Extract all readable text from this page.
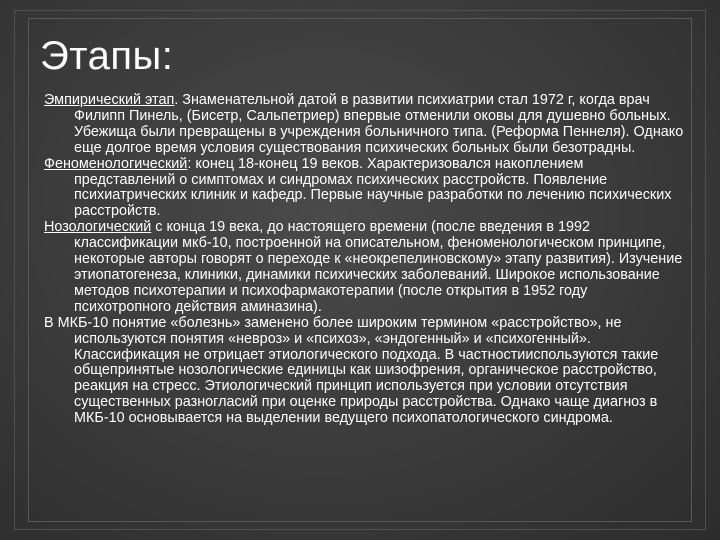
Этапы:

Эмпирический этап. Знаменательной датой в развитии психиатрии стал 1972 г, когда врач Филипп Пинель, (Бисетр, Сальпетриер) впервые отменили оковы для душевно больных. Убежища были превращены в учреждения больничного типа. (Реформа Пеннеля). Однако еще долгое время условия существования психических больных были безотрадны.

Феноменологический: конец 18-конец 19 веков. Характеризовался накоплением представлений о симптомах и синдромах психических расстройств. Появление психиатрических клиник и кафедр. Первые научные разработки по лечению психических расстройств.

Нозологический с конца 19 века, до настоящего времени (после введения в 1992 классификации мкб-10, построенной на описательном, феноменологическом принципе, некоторые авторы говорят о переходе к «неокрепелиновскому» этапу развития). Изучение этиопатогенеза, клиники, динамики психических заболеваний. Широкое использование методов психотерапии и психофармакотерапии (после открытия в 1952 году психотропного действия аминазина).

В МКБ-10 понятие «болезнь» заменено более широким термином «расстройство», не используются понятия «невроз» и «психоз», «эндогенный» и «психогенный». Классификация не отрицает этиологического подхода. В частностииспользуются такие общепринятые нозологические единицы как шизофрения, органическое расстройство, реакция на стресс. Этиологический принцип используется при условии отсутствия существенных разногласий при оценке природы расстройства. Однако чаще диагноз в МКБ-10 основывается на выделении ведущего психопатологического синдрома.
